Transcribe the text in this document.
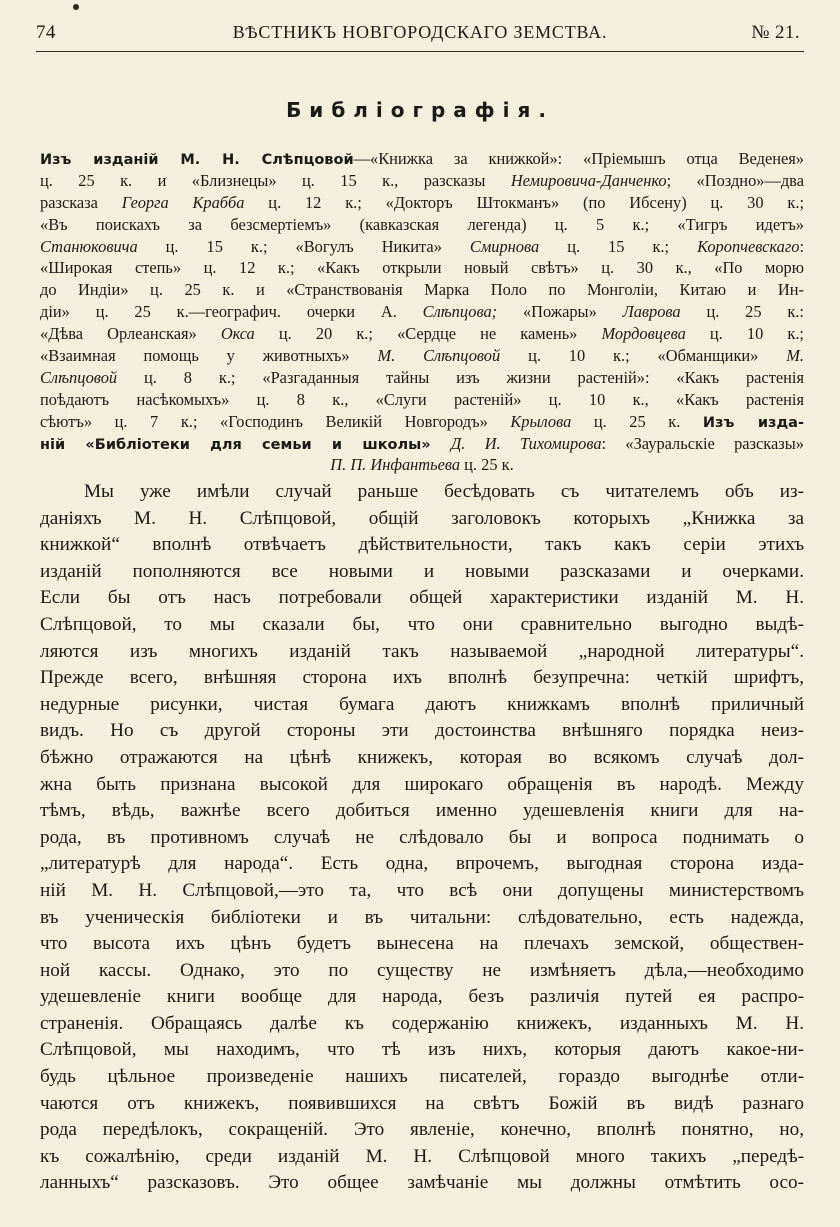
74	ВѢСТНИКЪ НОВГОРОДСКАГО ЗЕМСТВА.	№ 21.
Библіографія.
Изъ изданій М. Н. Слѣпцовой—«Книжка за книжкой»: «Пріемышъ отца Веденея»
ц. 25 к. и «Близнецы» ц. 15 к., разсказы Немировича-Данченко; «Поздно»—два
разсказа Георга Крабба ц. 12 к.; «Докторъ Штокманъ» (по Ибсену) ц. 30 к.;
«Въ поискахъ за безсмертіемъ» (кавказская легенда) ц. 5 к.; «Тигръ идетъ»
Станюковича ц. 15 к.; «Вогулъ Никита» Смирнова ц. 15 к.; Коропчевскаго:
«Широкая степь» ц. 12 к.; «Какъ открыли новый свѣтъ» ц. 30 к., «По морю
до Индіи» ц. 25 к. и «Странствованія Марка Поло по Монголіи, Китаю и Ин-
діи» ц. 25 к.—географич. очерки А. Слѣпцова; «Пожары» Лаврова ц. 25 к.:
«Дѣва Орлеанская» Окса ц. 20 к.; «Сердце не камень» Мордовцева ц. 10 к.;
«Взаимная помощь у животныхъ» М. Слѣпцовой ц. 10 к.; «Обманщики» М.
Слѣпцовой ц. 8 к.; «Разгаданныя тайны изъ жизни растеній»: «Какъ растенія
поѣдаютъ насѣкомыхъ» ц. 8 к., «Слуги растеній» ц. 10 к., «Какъ растенія
сѣютъ» ц. 7 к.; «Господинъ Великій Новгородъ» Крылова ц. 25 к. Изъ изда-
ній «Библіотеки для семьи и школы» Д. И. Тихомирова: «Зауральскіе разсказы»
П. П. Инфантьева ц. 25 к.
Мы уже имѣли случай раньше бесѣдовать съ читателемъ объ из-
даніяхъ М. Н. Слѣпцовой, общій заголовокъ которыхъ „Книжка за
книжкой“ вполнѣ отвѣчаетъ дѣйствительности, такъ какъ серіи этихъ
изданій пополняются все новыми и новыми разсказами и очерками.
Если бы отъ насъ потребовали общей характеристики изданій М. Н.
Слѣпцовой, то мы сказали бы, что они сравнительно выгодно выдѣ-
ляются изъ многихъ изданій такъ называемой „народной литературы“.
Прежде всего, внѣшняя сторона ихъ вполнѣ безупречна: четкій шрифтъ,
недурные рисунки, чистая бумага даютъ книжкамъ вполнѣ приличный
видъ. Но съ другой стороны эти достоинства внѣшняго порядка неиз-
бѣжно отражаются на цѣнѣ книжекъ, которая во всякомъ случаѣ дол-
жна быть признана высокой для широкаго обращенія въ народѣ. Между
тѣмъ, вѣдь, важнѣе всего добиться именно удешевленія книги для на-
рода, въ противномъ случаѣ не слѣдовало бы и вопроса поднимать о
„литературѣ для народа“. Есть одна, впрочемъ, выгодная сторона изда-
ній М. Н. Слѣпцовой,—это та, что всѣ они допущены министерствомъ
въ ученическія библіотеки и въ читальни: слѣдовательно, есть надежда,
что высота ихъ цѣнъ будетъ вынесена на плечахъ земской, обществен-
ной кассы. Однако, это по существу не измѣняетъ дѣла,—необходимо
удешевленіе книги вообще для народа, безъ различія путей ея распро-
страненія. Обращаясь далѣе къ содержанію книжекъ, изданныхъ М. Н.
Слѣпцовой, мы находимъ, что тѣ изъ нихъ, которыя даютъ какое-ни-
будь цѣльное произведеніе нашихъ писателей, гораздо выгоднѣе отли-
чаются отъ книжекъ, появившихся на свѣтъ Божій въ видѣ разнаго
рода передѣлокъ, сокращеній. Это явленіе, конечно, вполнѣ понятно, но,
къ сожалѣнію, среди изданій М. Н. Слѣпцовой много такихъ „передѣ-
ланныхъ“ разсказовъ. Это общее замѣчаніе мы должны отмѣтить осо-
